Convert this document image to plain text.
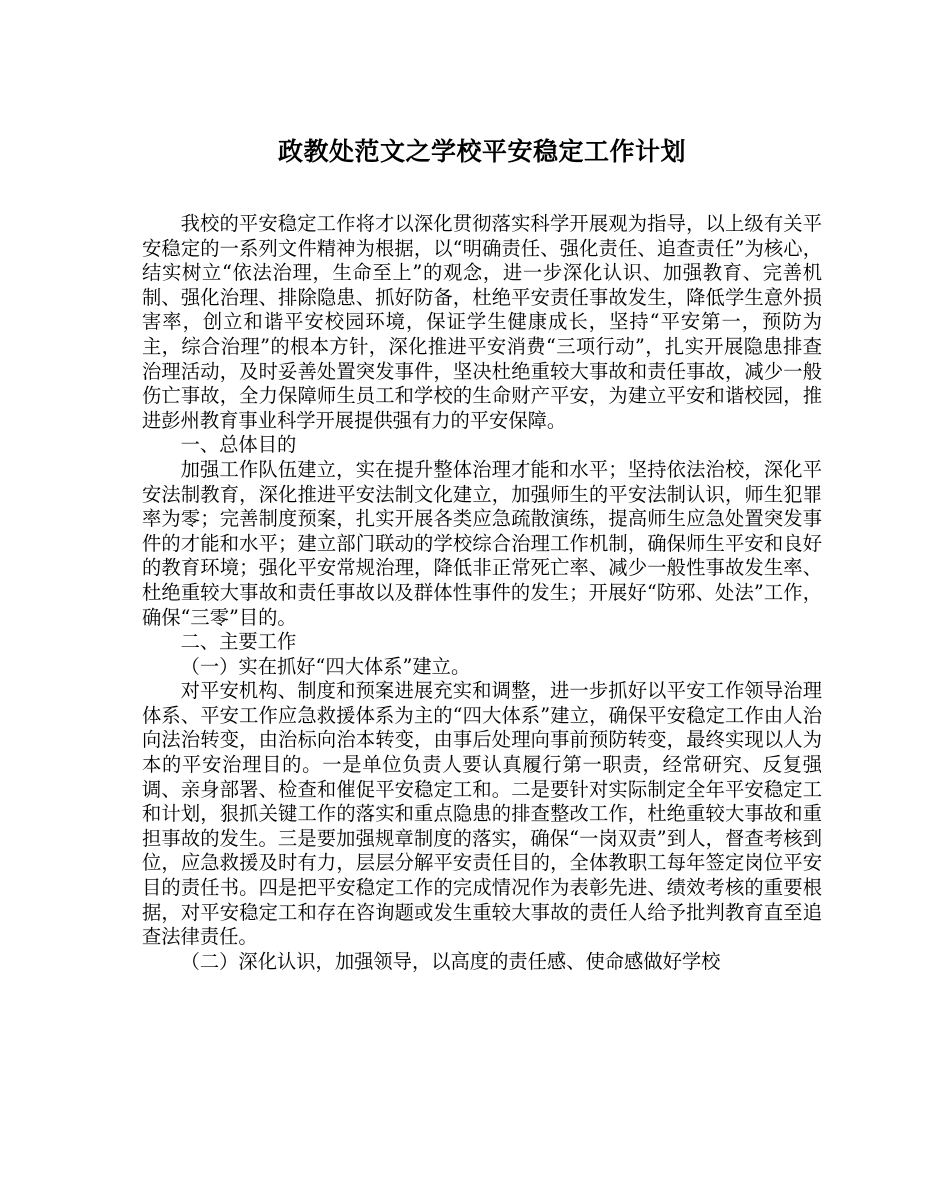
政教处范文之学校平安稳定工作计划

我校的平安稳定工作将才以深化贯彻落实科学开展观为指导，以上级有关平安稳定的一系列文件精神为根据，以“明确责任、强化责任、追查责任”为核心，结实树立“依法治理，生命至上”的观念，进一步深化认识、加强教育、完善机制、强化治理、排除隐患、抓好防备，杜绝平安责任事故发生，降低学生意外损害率，创立和谐平安校园环境，保证学生健康成长，坚持“平安第一，预防为主，综合治理”的根本方针，深化推进平安消费“三项行动”，扎实开展隐患排查治理活动，及时妥善处置突发事件，坚决杜绝重较大事故和责任事故，减少一般伤亡事故，全力保障师生员工和学校的生命财产平安，为建立平安和谐校园，推进彭州教育事业科学开展提供强有力的平安保障。

一、总体目的

加强工作队伍建立，实在提升整体治理才能和水平；坚持依法治校，深化平安法制教育，深化推进平安法制文化建立，加强师生的平安法制认识，师生犯罪率为零；完善制度预案，扎实开展各类应急疏散演练，提高师生应急处置突发事件的才能和水平；建立部门联动的学校综合治理工作机制，确保师生平安和良好的教育环境；强化平安常规治理，降低非正常死亡率、减少一般性事故发生率、杜绝重较大事故和责任事故以及群体性事件的发生；开展好“防邪、处法”工作，确保“三零”目的。

二、主要工作

（一）实在抓好“四大体系”建立。

对平安机构、制度和预案进展充实和调整，进一步抓好以平安工作领导治理体系、平安工作应急救援体系为主的“四大体系”建立，确保平安稳定工作由人治向法治转变，由治标向治本转变，由事后处理向事前预防转变，最终实现以人为本的平安治理目的。一是单位负责人要认真履行第一职责，经常研究、反复强调、亲身部署、检查和催促平安稳定工和。二是要针对实际制定全年平安稳定工和计划，狠抓关键工作的落实和重点隐患的排查整改工作，杜绝重较大事故和重担事故的发生。三是要加强规章制度的落实，确保“一岗双责”到人，督查考核到位，应急救援及时有力，层层分解平安责任目的，全体教职工每年签定岗位平安目的责任书。四是把平安稳定工作的完成情况作为表彰先进、绩效考核的重要根据，对平安稳定工和存在咨询题或发生重较大事故的责任人给予批判教育直至追查法律责任。

（二）深化认识，加强领导，以高度的责任感、使命感做好学校
